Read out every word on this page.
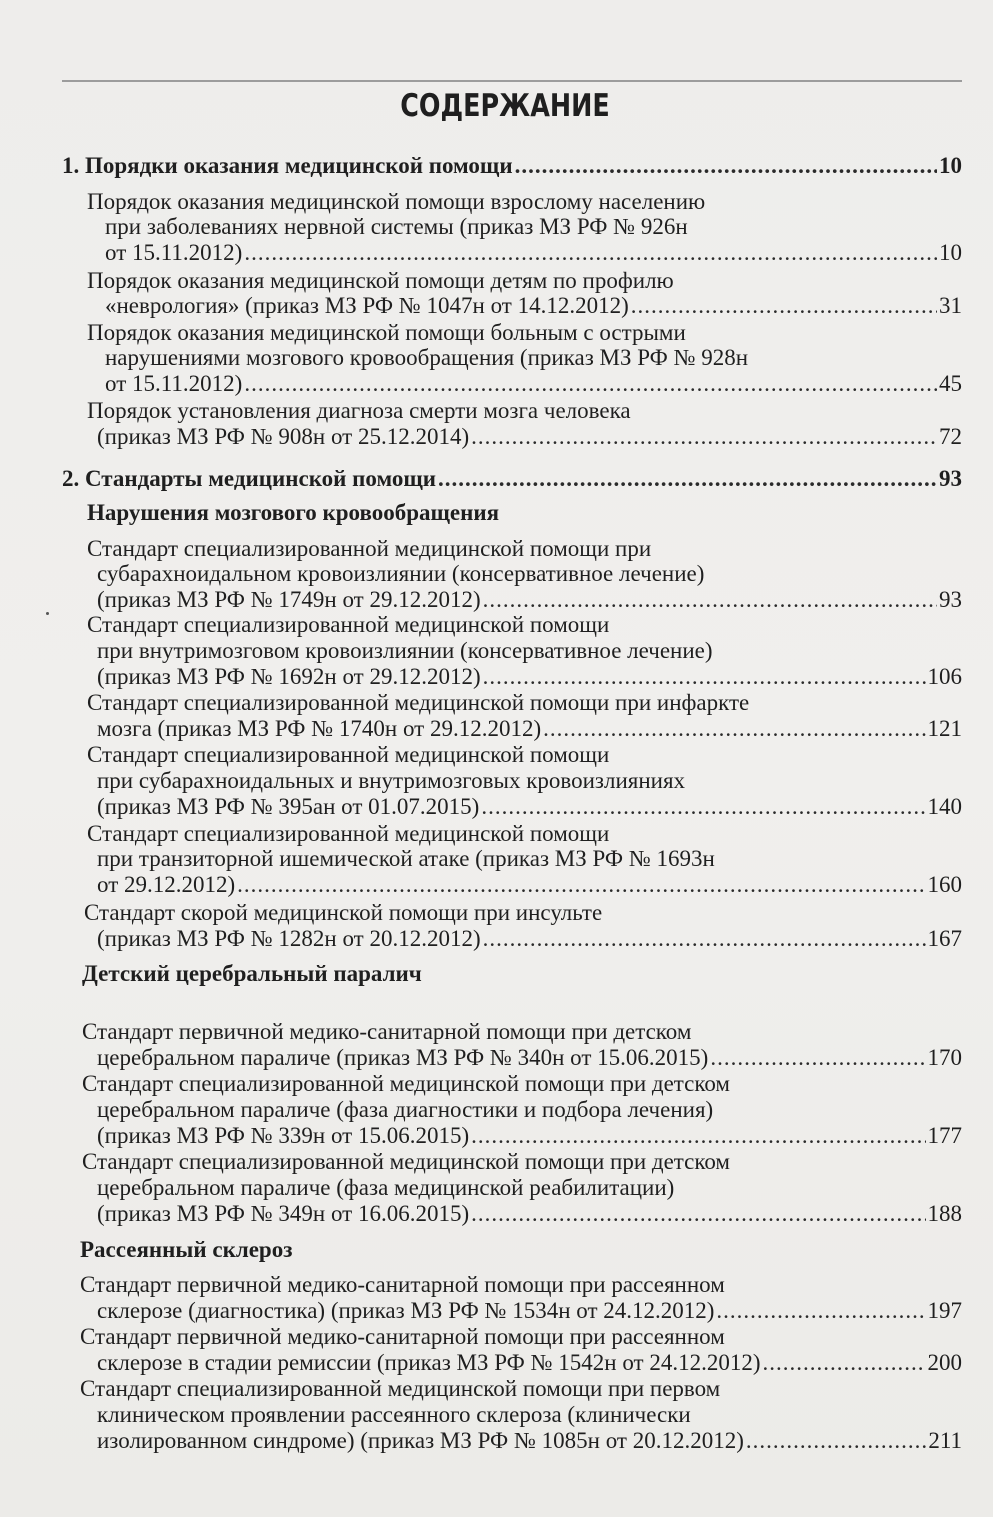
СОДЕРЖАНИЕ
1. Порядки оказания медицинской помощи .....	10
Порядок оказания медицинской помощи взрослому населению
при заболеваниях нервной системы (приказ МЗ РФ № 926н
от 15.11.2012) .....	10
Порядок оказания медицинской помощи детям по профилю
«неврология» (приказ МЗ РФ № 1047н от 14.12.2012) .....	31
Порядок оказания медицинской помощи больным с острыми
нарушениями мозгового кровообращения (приказ МЗ РФ № 928н
от 15.11.2012) .....	45
Порядок установления диагноза смерти мозга человека
(приказ МЗ РФ № 908н от 25.12.2014) .....	72
2. Стандарты медицинской помощи .....	93
Нарушения мозгового кровообращения
Стандарт специализированной медицинской помощи при
субарахноидальном кровоизлиянии (консервативное лечение)
(приказ МЗ РФ № 1749н от 29.12.2012) .....	93
Стандарт специализированной медицинской помощи
при внутримозговом кровоизлиянии (консервативное лечение)
(приказ МЗ РФ № 1692н от 29.12.2012) .....	106
Стандарт специализированной медицинской помощи при инфаркте
мозга (приказ МЗ РФ № 1740н от 29.12.2012) .....	121
Стандарт специализированной медицинской помощи
при субарахноидальных и внутримозговых кровоизлияниях
(приказ МЗ РФ № 395ан от 01.07.2015) .....	140
Стандарт специализированной медицинской помощи
при транзиторной ишемической атаке (приказ МЗ РФ № 1693н
от 29.12.2012) .....	160
Стандарт скорой медицинской помощи при инсульте
(приказ МЗ РФ № 1282н от 20.12.2012) .....	167
Детский церебральный паралич
Стандарт первичной медико-санитарной помощи при детском
церебральном параличе (приказ МЗ РФ № 340н от 15.06.2015) .....	170
Стандарт специализированной медицинской помощи при детском
церебральном параличе (фаза диагностики и подбора лечения)
(приказ МЗ РФ № 339н от 15.06.2015) .....	177
Стандарт специализированной медицинской помощи при детском
церебральном параличе (фаза медицинской реабилитации)
(приказ МЗ РФ № 349н от 16.06.2015) .....	188
Рассеянный склероз
Стандарт первичной медико-санитарной помощи при рассеянном
склерозе (диагностика) (приказ МЗ РФ № 1534н от 24.12.2012) .....	197
Стандарт первичной медико-санитарной помощи при рассеянном
склерозе в стадии ремиссии (приказ МЗ РФ № 1542н от 24.12.2012) .....	200
Стандарт специализированной медицинской помощи при первом
клиническом проявлении рассеянного склероза (клинически
изолированном синдроме) (приказ МЗ РФ № 1085н от 20.12.2012) .....	211
